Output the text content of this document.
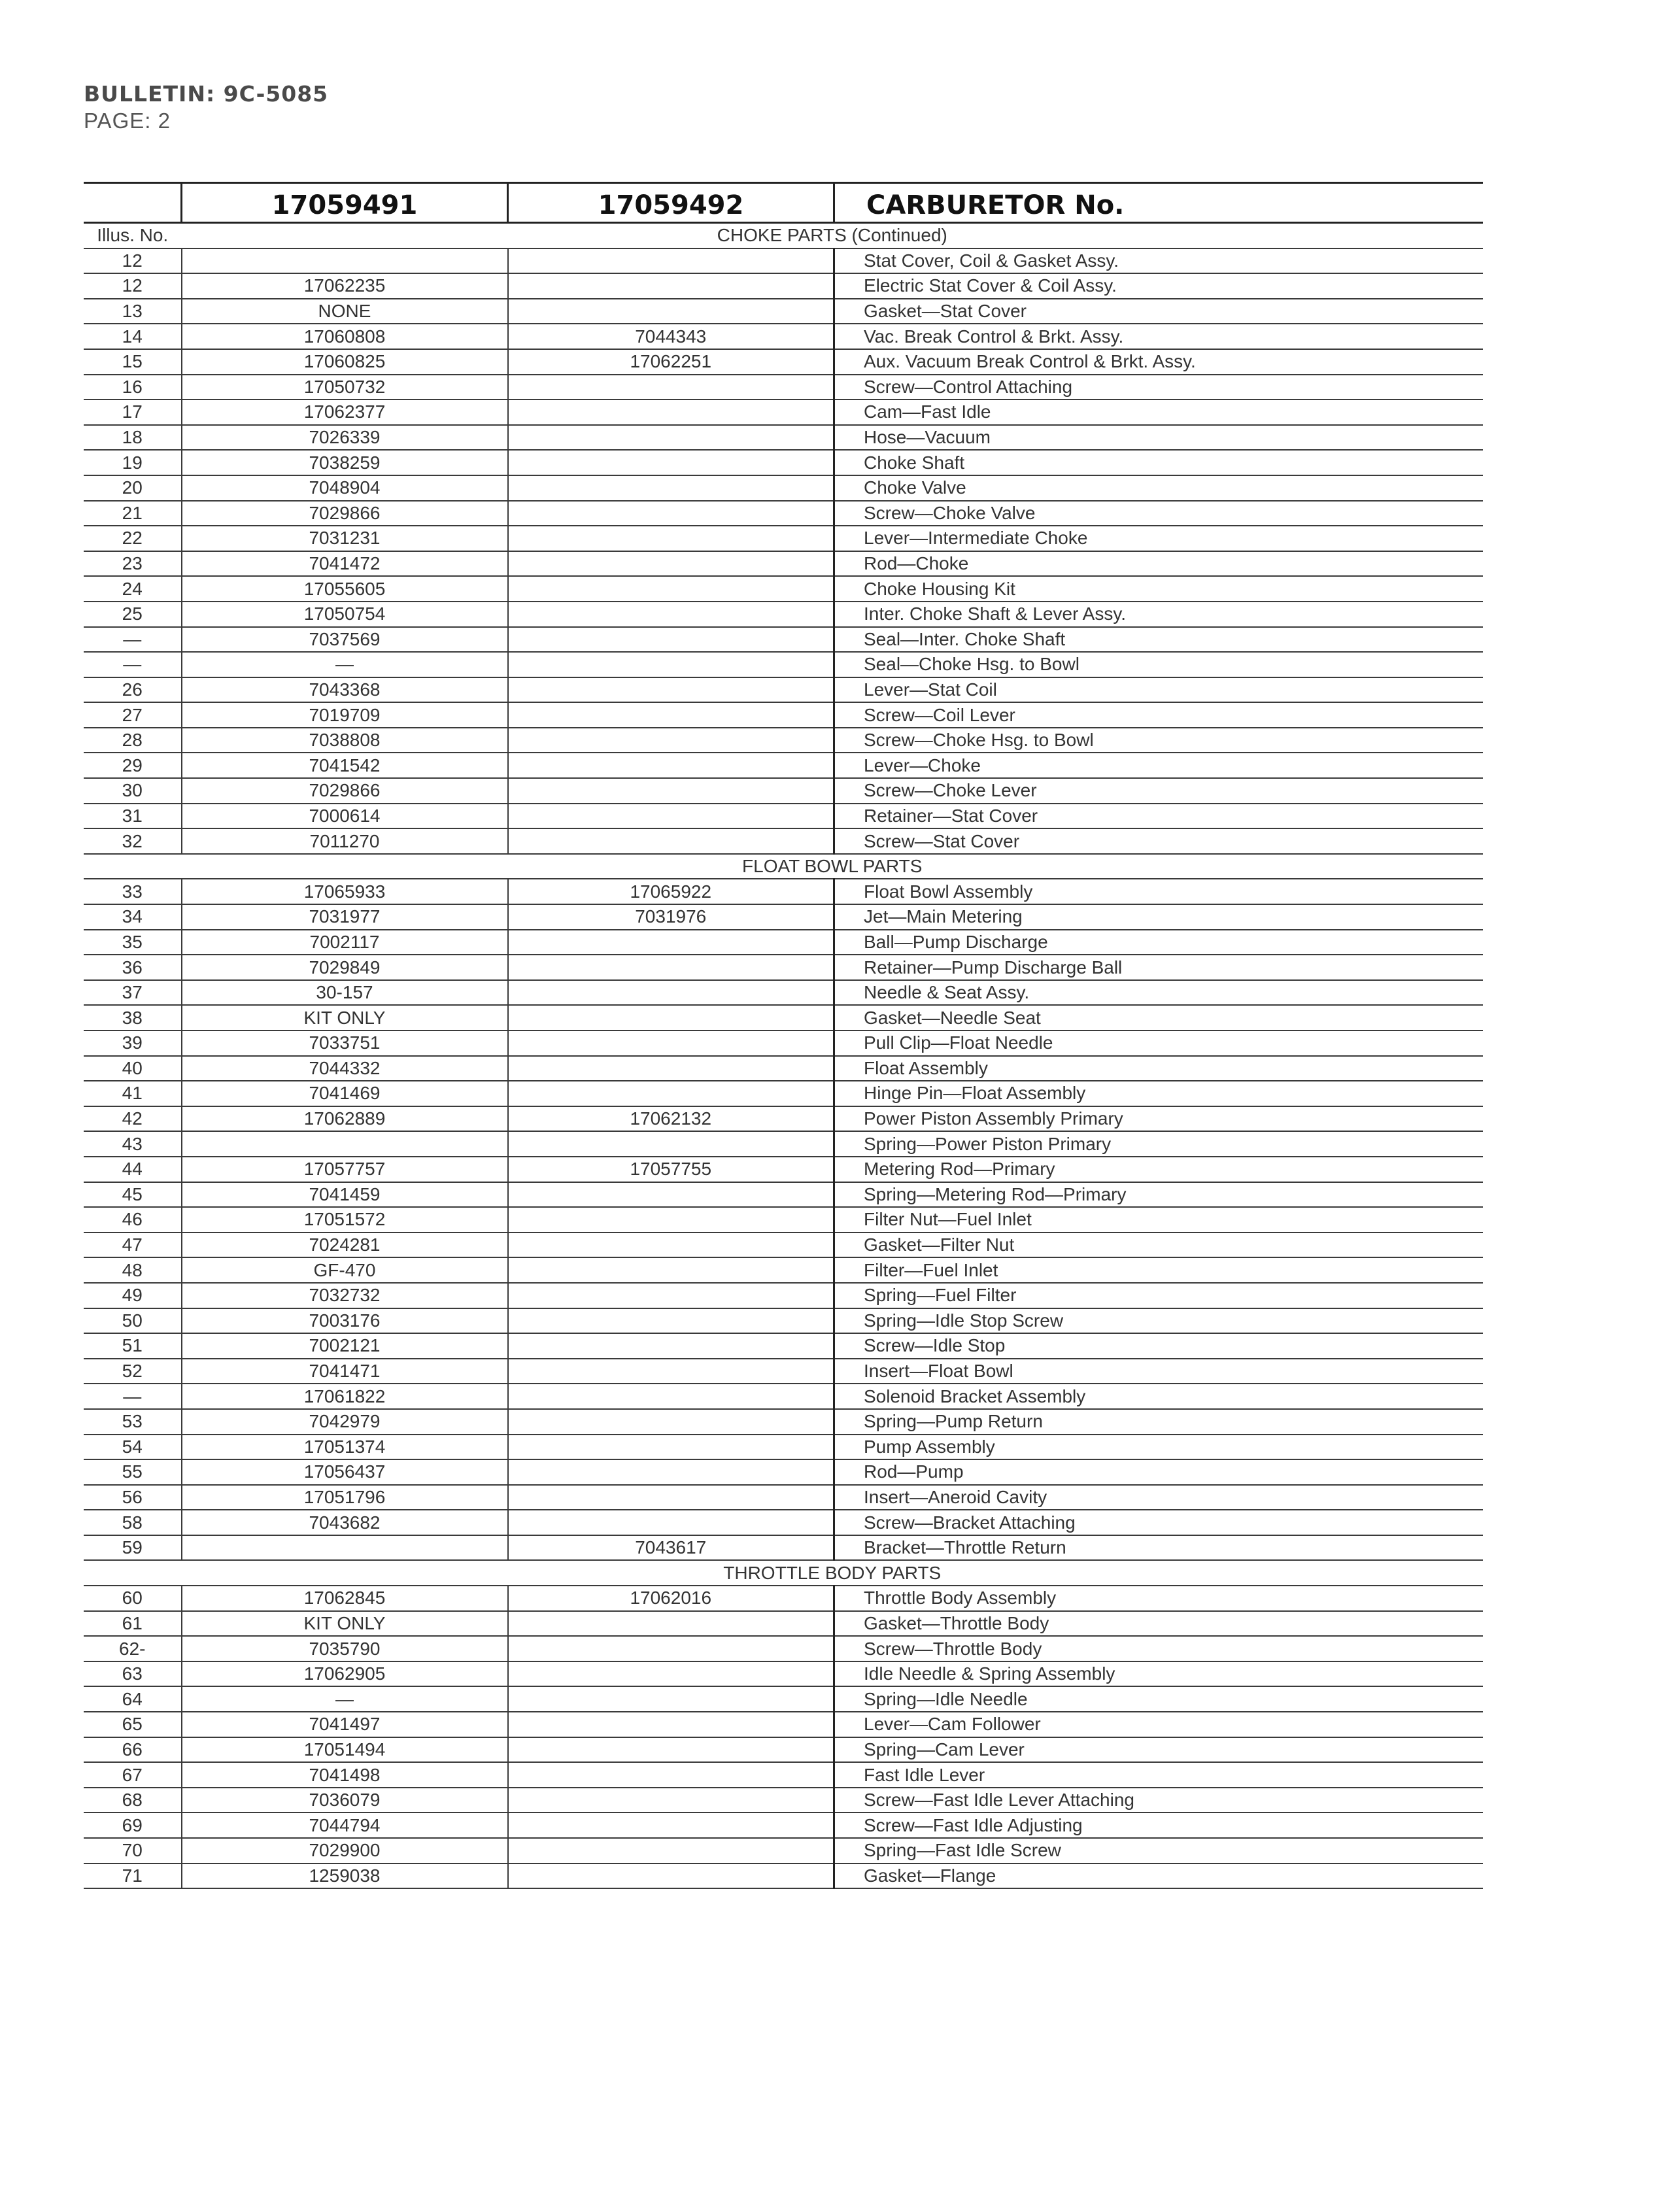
BULLETIN: 9C-5085
PAGE: 2
	17059491	17059492	CARBURETOR No.
Illus. No.	CHOKE PARTS (Continued)		
12			Stat Cover, Coil & Gasket Assy.
12	17062235		Electric Stat Cover & Coil Assy.
13	NONE		Gasket—Stat Cover
14	17060808	7044343	Vac. Break Control & Brkt. Assy.
15	17060825	17062251	Aux. Vacuum Break Control & Brkt. Assy.
16	17050732		Screw—Control Attaching
17	17062377		Cam—Fast Idle
18	7026339		Hose—Vacuum
19	7038259		Choke Shaft
20	7048904		Choke Valve
21	7029866		Screw—Choke Valve
22	7031231		Lever—Intermediate Choke
23	7041472		Rod—Choke
24	17055605		Choke Housing Kit
25	17050754		Inter. Choke Shaft & Lever Assy.
—	7037569		Seal—Inter. Choke Shaft
—	—		Seal—Choke Hsg. to Bowl
26	7043368		Lever—Stat Coil
27	7019709		Screw—Coil Lever
28	7038808		Screw—Choke Hsg. to Bowl
29	7041542		Lever—Choke
30	7029866		Screw—Choke Lever
31	7000614		Retainer—Stat Cover
32	7011270		Screw—Stat Cover
	FLOAT BOWL PARTS		
33	17065933	17065922	Float Bowl Assembly
34	7031977	7031976	Jet—Main Metering
35	7002117		Ball—Pump Discharge
36	7029849		Retainer—Pump Discharge Ball
37	30-157		Needle & Seat Assy.
38	KIT ONLY		Gasket—Needle Seat
39	7033751		Pull Clip—Float Needle
40	7044332		Float Assembly
41	7041469		Hinge Pin—Float Assembly
42	17062889	17062132	Power Piston Assembly Primary
43			Spring—Power Piston Primary
44	17057757	17057755	Metering Rod—Primary
45	7041459		Spring—Metering Rod—Primary
46	17051572		Filter Nut—Fuel Inlet
47	7024281		Gasket—Filter Nut
48	GF-470		Filter—Fuel Inlet
49	7032732		Spring—Fuel Filter
50	7003176		Spring—Idle Stop Screw
51	7002121		Screw—Idle Stop
52	7041471		Insert—Float Bowl
—	17061822		Solenoid Bracket Assembly
53	7042979		Spring—Pump Return
54	17051374		Pump Assembly
55	17056437		Rod—Pump
56	17051796		Insert—Aneroid Cavity
58	7043682		Screw—Bracket Attaching
59		7043617	Bracket—Throttle Return
	THROTTLE BODY PARTS		
60	17062845	17062016	Throttle Body Assembly
61	KIT ONLY		Gasket—Throttle Body
62-	7035790		Screw—Throttle Body
63	17062905		Idle Needle & Spring Assembly
64	—		Spring—Idle Needle
65	7041497		Lever—Cam Follower
66	17051494		Spring—Cam Lever
67	7041498		Fast Idle Lever
68	7036079		Screw—Fast Idle Lever Attaching
69	7044794		Screw—Fast Idle Adjusting
70	7029900		Spring—Fast Idle Screw
71	1259038		Gasket—Flange
